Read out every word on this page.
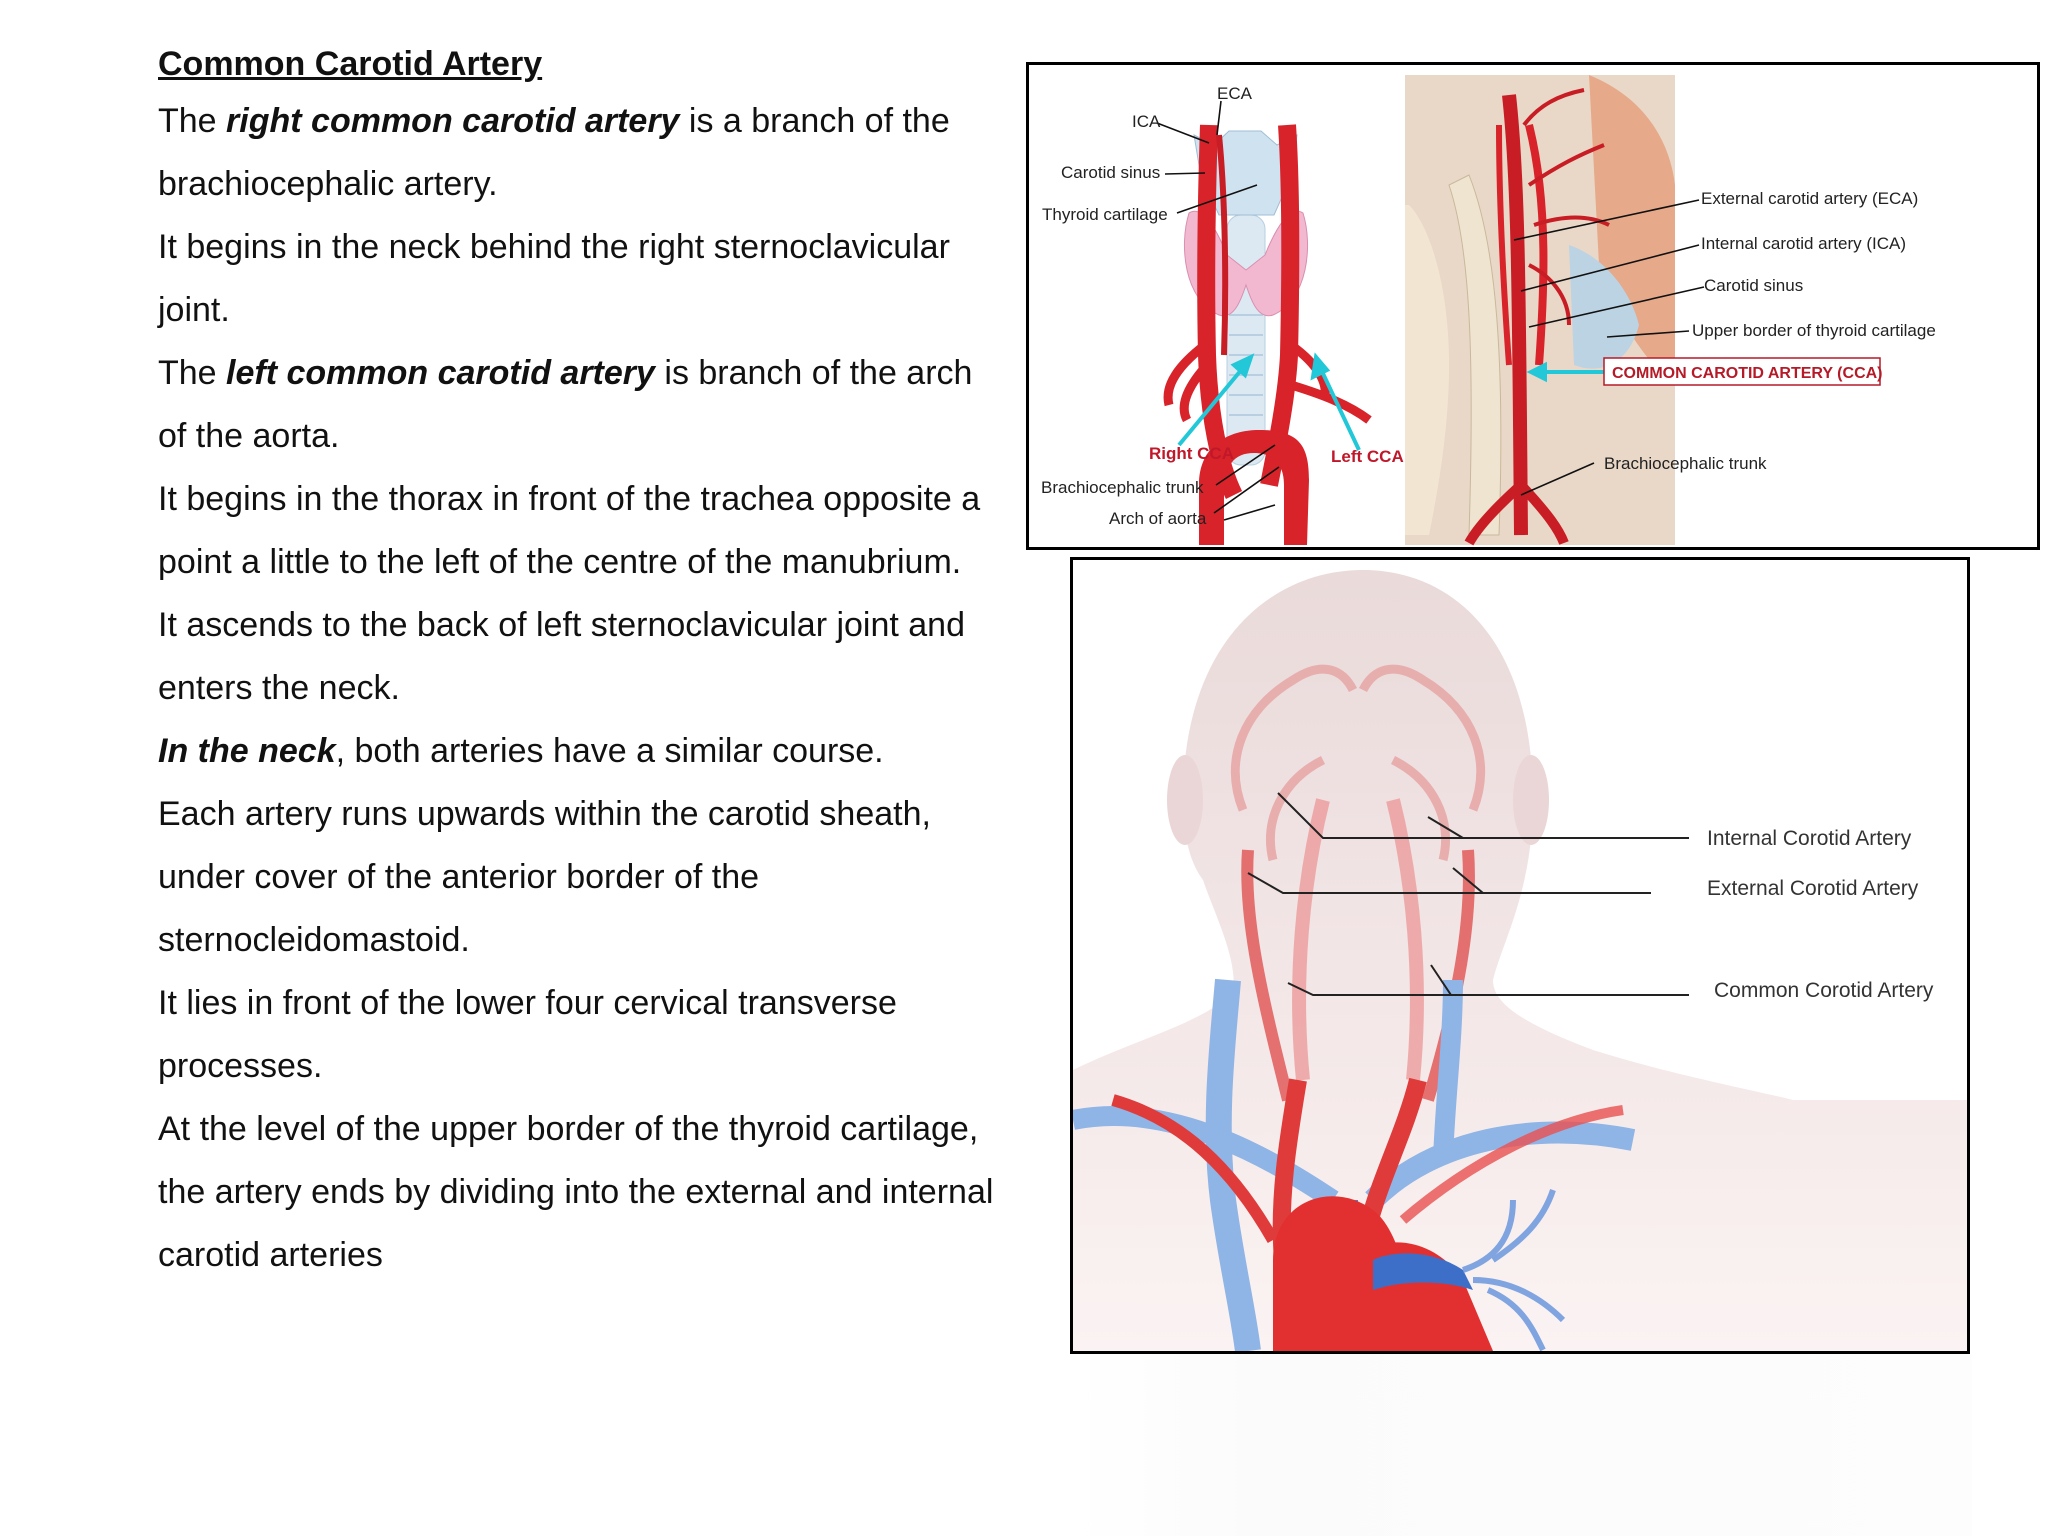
Common Carotid Artery

The right common carotid artery is a branch of the brachiocephalic artery.

It begins in the neck behind the right sternoclavicular joint.

The left common carotid artery is branch of the arch of the aorta.

It begins in the thorax in front of the trachea opposite a point a little to the left of the centre of the manubrium.

It ascends to the back of left sternoclavicular joint and enters the neck.

In the neck, both arteries have a similar course.

Each artery runs upwards within the carotid sheath, under cover of the anterior border of the sternocleidomastoid.

It lies in front of the lower four cervical transverse processes.

At the level of the upper border of the thyroid cartilage, the artery ends by dividing into the external and internal carotid arteries

ECA
ICA
Carotid sinus
Thyroid cartilage
Right CCA	Left CCA
Brachiocephalic trunk
Arch of aorta
External carotid artery (ECA)
Internal carotid artery (ICA)
Carotid sinus
Upper border of thyroid cartilage
COMMON CAROTID ARTERY (CCA)
Brachiocephalic trunk
Internal Corotid Artery
External Corotid Artery
Common Corotid Artery
